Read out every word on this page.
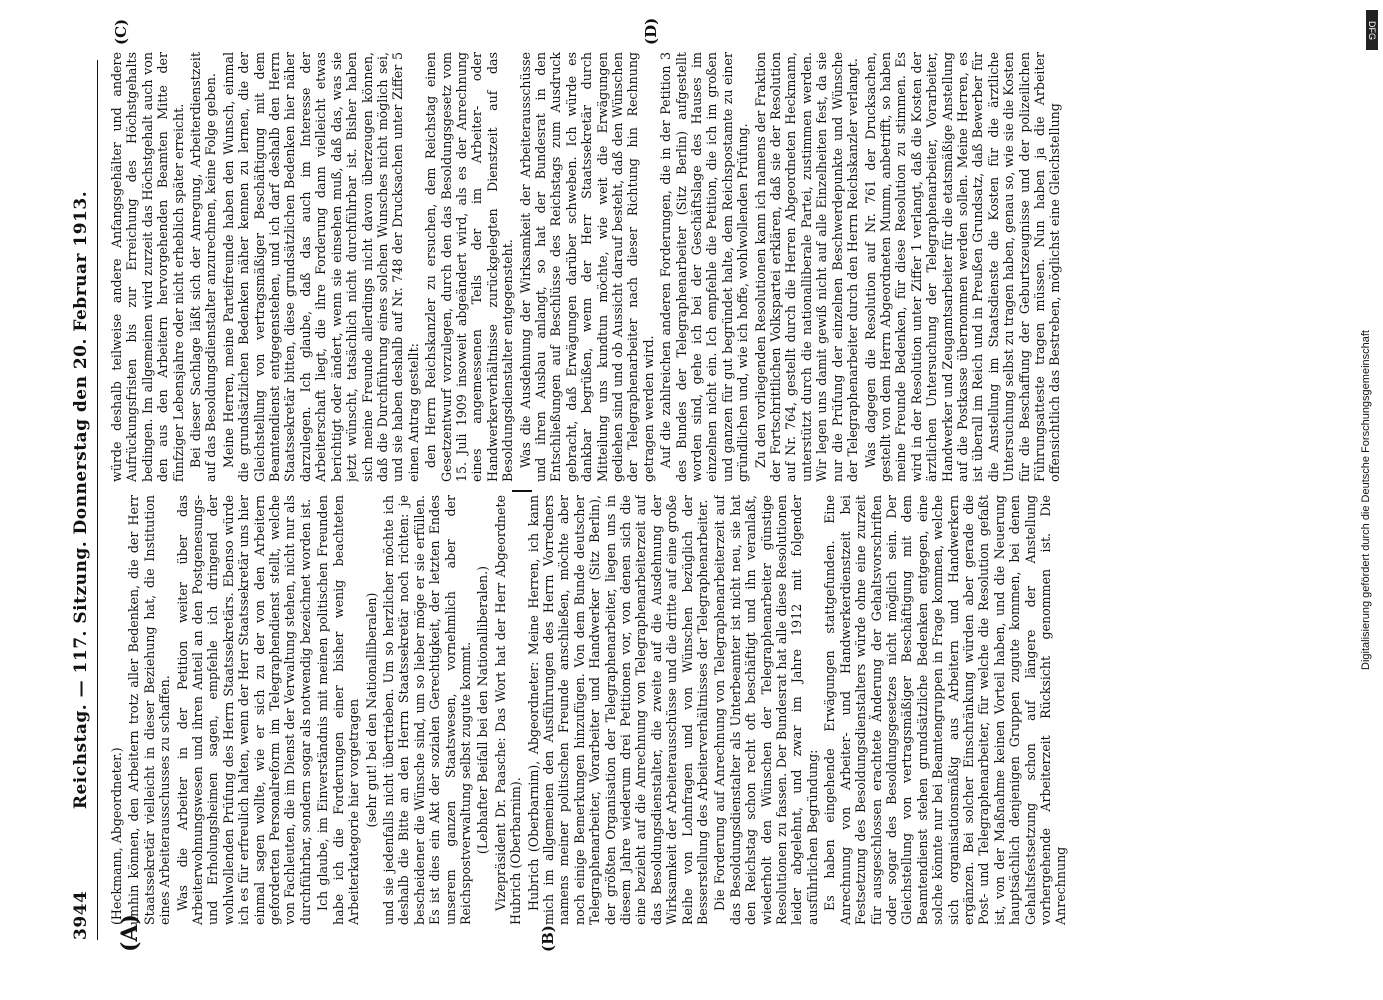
3944
Reichstag. — 117. Sitzung. Donnerstag den 20. Februar 1913.
(A)	(B)
(C)	(D)

(Heckmann, Abgeordneter.) umhin können, den Arbeitern trotz aller Bedenken, die der Herr Staatssekretär vielleicht in dieser Beziehung hat, die Institution eines Arbeiterausschusses zu schaffen. Was die Arbeiter in der Petition weiter über das Arbeiterwohnungswesen und ihren Anteil an den Postgenesungs- und Erholungsheimen sagen, empfehle ich dringend der wohlwollenden Prüfung des Herrn Staatssekretärs. Ebenso würde ich es für erfreulich halten, wenn der Herr Staatssekretär uns hier einmal sagen wollte, wie er sich zu der von den Arbeitern geforderten Personalreform im Telegraphendienst stellt, welche von Fachleuten, die im Dienst der Verwaltung stehen, nicht nur als durchführbar, sondern sogar als notwendig bezeichnet worden ist. Ich glaube, im Einverständnis mit meinen politischen Freunden habe ich die Forderungen einer bisher wenig beachteten Arbeiterkategorie hier vorgetragen (sehr gut! bei den Nationalliberalen) und sie jedenfalls nicht übertrieben. Um so herzlicher möchte ich deshalb die Bitte an den Herrn Staatssekretär noch richten: je bescheidener die Wünsche sind, um so lieber möge er sie erfüllen. Es ist dies ein Akt der sozialen Gerechtigkeit, der letzten Endes unserem ganzen Staatswesen, vornehmlich aber der Reichspostverwaltung selbst zugute kommt. (Lebhafter Beifall bei den Nationalliberalen.) Vizepräsident Dr. Paasche: Das Wort hat der Herr Abgeordnete Hubrich (Oberbarnim). Hubrich (Oberbarnim), Abgeordneter: Meine Herren, ich kann mich im allgemeinen den Ausführungen des Herrn Vorredners namens meiner politischen Freunde anschließen, möchte aber noch einige Bemerkungen hinzufügen. Von dem Bunde deutscher Telegraphenarbeiter, Vorarbeiter und Handwerker (Sitz Berlin), der größten Organisation der Telegraphenarbeiter, liegen uns in diesem Jahre wiederum drei Petitionen vor, von denen sich die eine bezieht auf die Anrechnung von Telegraphenarbeiterzeit auf das Besoldungsdienstalter, die zweite auf die Ausdehnung der Wirksamkeit der Arbeiterausschüsse und die dritte auf eine große Reihe von Lohnfragen und von Wünschen bezüglich der Besserstellung des Arbeiterverhältnisses der Telegraphenarbeiter. Die Forderung auf Anrechnung von Telegraphenarbeiterzeit auf das Besoldungsdienstalter als Unterbeamter ist nicht neu, sie hat den Reichstag schon recht oft beschäftigt und ihn veranlaßt, wiederholt den Wünschen der Telegraphenarbeiter günstige Resolutionen zu fassen. Der Bundesrat hat alle diese Resolutionen leider abgelehnt, und zwar im Jahre 1912 mit folgender ausführlichen Begründung: Es haben eingehende Erwägungen stattgefunden. Eine Anrechnung von Arbeiter- und Handwerkerdienstzeit bei Festsetzung des Besoldungsdienstalters würde ohne eine zurzeit für ausgeschlossen erachtete Änderung der Gehaltsvorschriften oder sogar des Besoldungsgesetzes nicht möglich sein. Der Gleichstellung von vertragsmäßiger Beschäftigung mit dem Beamtendienst stehen grundsätzliche Bedenken entgegen, eine solche könnte nur bei Beamtengruppen in Frage kommen, welche sich organisationsmäßig aus Arbeitern und Handwerkern ergänzen. Bei solcher Einschränkung würden aber gerade die Post- und Telegraphenarbeiter, für welche die Resolution gefaßt ist, von der Maßnahme keinen Vorteil haben, und die Neuerung hauptsächlich denjenigen Gruppen zugute kommen, bei denen Gehaltsfestsetzung schon auf längere der Anstellung vorhergehende Arbeiterzeit Rücksicht genommen ist. Die Anrechnung

würde deshalb teilweise andere Anfangsgehälter und andere Aufrückungsfristen bis zur Erreichung des Höchstgehalts bedingen. Im allgemeinen wird zurzeit das Höchstgehalt auch von den aus den Arbeitern hervorgehenden Beamten Mitte der fünfziger Lebensjahre oder nicht erheblich später erreicht. Bei dieser Sachlage läßt sich der Anregung, Arbeiterdienstzeit auf das Besoldungsdienstalter anzurechnen, keine Folge geben. Meine Herren, meine Parteifreunde haben den Wunsch, einmal die grundsätzlichen Bedenken näher kennen zu lernen, die der Gleichstellung von vertragsmäßiger Beschäftigung mit dem Beamtendienst entgegenstehen, und ich darf deshalb den Herrn Staatssekretär bitten, diese grundsätzlichen Bedenken hier näher darzulegen. Ich glaube, daß das auch im Interesse der Arbeiterschaft liegt, die ihre Forderung dann vielleicht etwas berichtigt oder ändert, wenn sie einsehen muß, daß das, was sie jetzt wünscht, tatsächlich nicht durchführbar ist. Bisher haben sich meine Freunde allerdings nicht davon überzeugen können, daß die Durchführung eines solchen Wunsches nicht möglich sei, und sie haben deshalb auf Nr. 748 der Drucksachen unter Ziffer 5 einen Antrag gestellt: den Herrn Reichskanzler zu ersuchen, dem Reichstag einen Gesetzentwurf vorzulegen, durch den das Besoldungsgesetz vom 15. Juli 1909 insoweit abgeändert wird, als es der Anrechnung eines angemessenen Teils der im Arbeiter- oder Handwerkerverhältnisse zurückgelegten Dienstzeit auf das Besoldungsdienstalter entgegensteht. Was die Ausdehnung der Wirksamkeit der Arbeiterausschüsse und ihren Ausbau anlangt, so hat der Bundesrat in den Entschließungen auf Beschlüsse des Reichstags zum Ausdruck gebracht, daß Erwägungen darüber schweben. Ich würde es dankbar begrüßen, wenn der Herr Staatssekretär durch Mitteilung uns kundtun möchte, wie weit die Erwägungen gediehen sind und ob Aussicht darauf besteht, daß den Wünschen der Telegraphenarbeiter nach dieser Richtung hin Rechnung getragen werden wird. Auf die zahlreichen anderen Forderungen, die in der Petition 3 des Bundes der Telegraphenarbeiter (Sitz Berlin) aufgestellt worden sind, gehe ich bei der Geschäftslage des Hauses im einzelnen nicht ein. Ich empfehle die Petition, die ich im großen und ganzen für gut begründet halte, dem Reichspostamte zu einer gründlichen und, wie ich hoffe, wohlwollenden Prüfung. Zu den vorliegenden Resolutionen kann ich namens der Fraktion der Fortschrittlichen Volkspartei erklären, daß sie der Resolution auf Nr. 764, gestellt durch die Herren Abgeordneten Heckmann, unterstützt durch die nationalliberale Partei, zustimmen werden. Wir legen uns damit gewiß nicht auf alle Einzelheiten fest, da sie nur die Prüfung der einzelnen Beschwerdepunkte und Wünsche der Telegraphenarbeiter durch den Herrn Reichskanzler verlangt. Was dagegen die Resolution auf Nr. 761 der Drucksachen, gestellt von dem Herrn Abgeordneten Mumm, anbetrifft, so haben meine Freunde Bedenken, für diese Resolution zu stimmen. Es wird in der Resolution unter Ziffer 1 verlangt, daß die Kosten der ärztlichen Untersuchung der Telegraphenarbeiter, Vorarbeiter, Handwerker und Zeugamtsarbeiter für die etatsmäßige Anstellung auf die Postkasse übernommen werden sollen. Meine Herren, es ist überall im Reich und in Preußen Grundsatz, daß Bewerber für die Anstellung im Staatsdienste die Kosten für die ärztliche Untersuchung selbst zu tragen haben, genau so, wie sie die Kosten für die Beschaffung der Geburtszeugnisse und der polizeilichen Führungsatteste tragen müssen. Nun haben ja die Arbeiter offensichtlich das Bestreben, möglichst eine Gleichstellung

Digitalisierung gefördert durch die Deutsche Forschungsgemeinschaft
DFG
